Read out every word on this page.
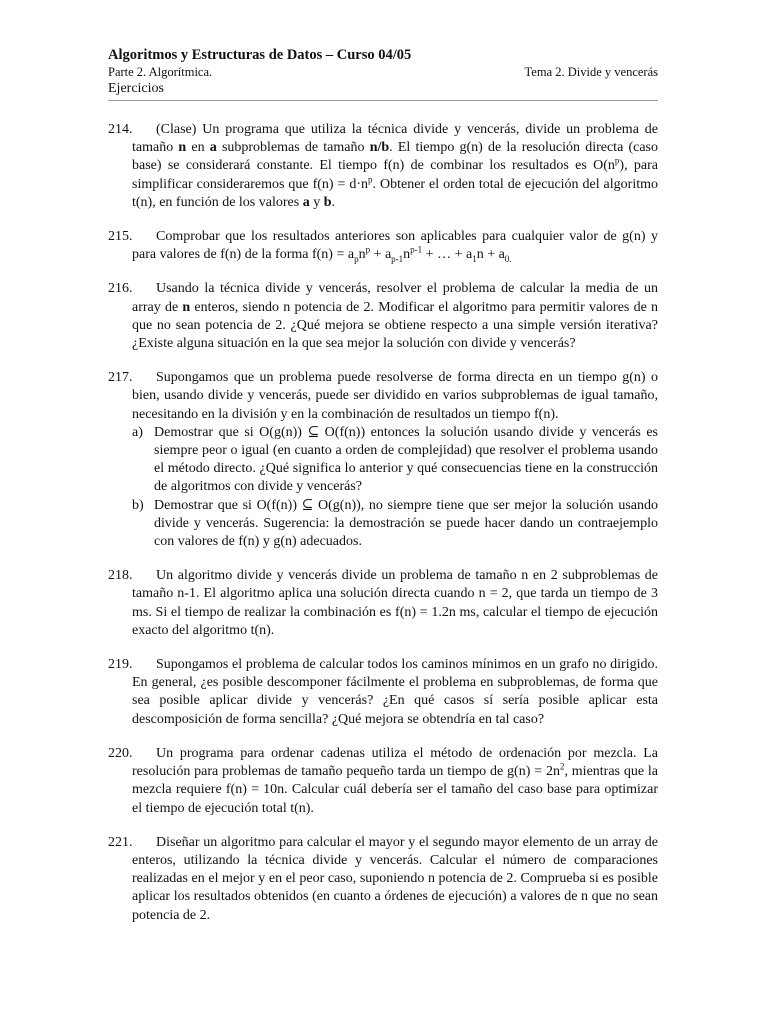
Algoritmos y Estructuras de Datos – Curso 04/05
Parte 2. Algorítmica.	Tema 2. Divide y vencerás
Ejercicios
214.	(Clase) Un programa que utiliza la técnica divide y vencerás, divide un problema de tamaño n en a subproblemas de tamaño n/b. El tiempo g(n) de la resolución directa (caso base) se considerará constante. El tiempo f(n) de combinar los resultados es $O(n^p)$, para simplificar consideraremos que $f(n) = d\cdot n^p$. Obtener el orden total de ejecución del algoritmo t(n), en función de los valores a y b.
215.	Comprobar que los resultados anteriores son aplicables para cualquier valor de g(n) y para valores de f(n) de la forma $f(n) = a_pn^p + a_{p-1}n^{p-1}$ + … + $a_1n + a_{0.}$
216.	Usando la técnica divide y vencerás, resolver el problema de calcular la media de un array de n enteros, siendo n potencia de 2. Modificar el algoritmo para permitir valores de n que no sean potencia de 2. ¿Qué mejora se obtiene respecto a una simple versión iterativa? ¿Existe alguna situación en la que sea mejor la solución con divide y vencerás?
217.	Supongamos que un problema puede resolverse de forma directa en un tiempo g(n) o bien, usando divide y vencerás, puede ser dividido en varios subproblemas de igual tamaño, necesitando en la división y en la combinación de resultados un tiempo f(n).
a) Demostrar que si O(g(n)) ⊆ O(f(n)) entonces la solución usando divide y vencerás es siempre peor o igual (en cuanto a orden de complejidad) que resolver el problema usando el método directo. ¿Qué significa lo anterior y qué consecuencias tiene en la construcción de algoritmos con divide y vencerás?
b) Demostrar que si O(f(n)) ⊆ O(g(n)), no siempre tiene que ser mejor la solución usando divide y vencerás. Sugerencia: la demostración se puede hacer dando un contraejemplo con valores de f(n) y g(n) adecuados.
218.	Un algoritmo divide y vencerás divide un problema de tamaño n en 2 subproblemas de tamaño n-1. El algoritmo aplica una solución directa cuando n = 2, que tarda un tiempo de 3 ms. Si el tiempo de realizar la combinación es f(n) = 1.2n ms, calcular el tiempo de ejecución exacto del algoritmo t(n).
219.	Supongamos el problema de calcular todos los caminos mínimos en un grafo no dirigido. En general, ¿es posible descomponer fácilmente el problema en subproblemas, de forma que sea posible aplicar divide y vencerás? ¿En qué casos sí sería posible aplicar esta descomposición de forma sencilla? ¿Qué mejora se obtendría en tal caso?
220.	Un programa para ordenar cadenas utiliza el método de ordenación por mezcla. La resolución para problemas de tamaño pequeño tarda un tiempo de $g(n) = 2n^2$, mientras que la mezcla requiere f(n) = 10n. Calcular cuál debería ser el tamaño del caso base para optimizar el tiempo de ejecución total t(n).
221.	Diseñar un algoritmo para calcular el mayor y el segundo mayor elemento de un array de enteros, utilizando la técnica divide y vencerás. Calcular el número de comparaciones realizadas en el mejor y en el peor caso, suponiendo n potencia de 2. Comprueba si es posible aplicar los resultados obtenidos (en cuanto a órdenes de ejecución) a valores de n que no sean potencia de 2.
